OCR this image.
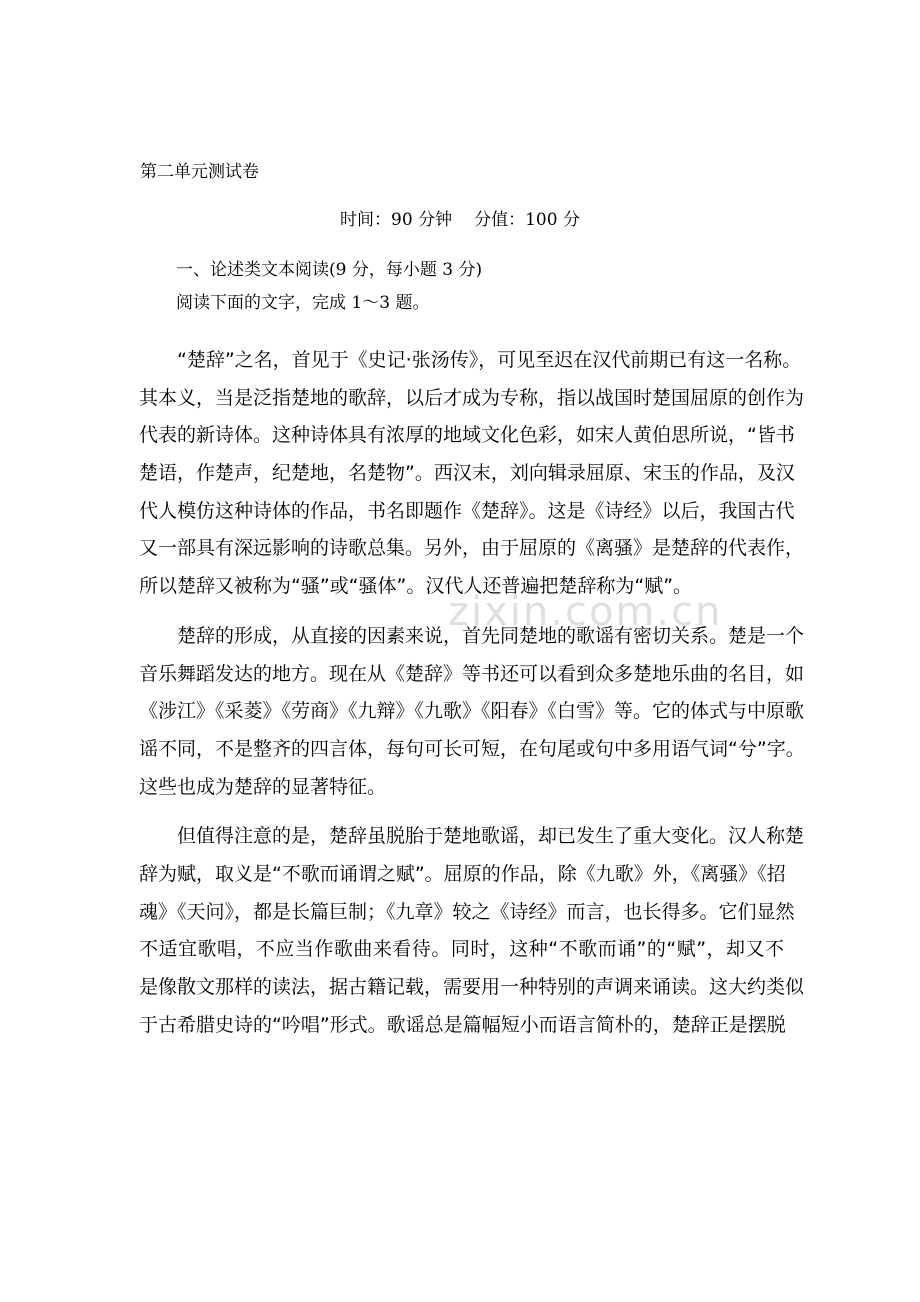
zixin.com.cn
第二单元测试卷
时间：90 分钟 分值：100 分
一、论述类文本阅读(9 分，每小题 3 分)
阅读下面的文字，完成 1～3 题。
“楚辞”之名，首见于《史记·张汤传》，可见至迟在汉代前期已有这一名称。
其本义，当是泛指楚地的歌辞，以后才成为专称，指以战国时楚国屈原的创作为
代表的新诗体。这种诗体具有浓厚的地域文化色彩，如宋人黄伯思所说，“皆书
楚语，作楚声，纪楚地，名楚物”。西汉末，刘向辑录屈原、宋玉的作品，及汉
代人模仿这种诗体的作品，书名即题作《楚辞》。这是《诗经》以后，我国古代
又一部具有深远影响的诗歌总集。另外，由于屈原的《离骚》是楚辞的代表作，
所以楚辞又被称为“骚”或“骚体”。汉代人还普遍把楚辞称为“赋”。
楚辞的形成，从直接的因素来说，首先同楚地的歌谣有密切关系。楚是一个
音乐舞蹈发达的地方。现在从《楚辞》等书还可以看到众多楚地乐曲的名目，如
《涉江》《采菱》《劳商》《九辩》《九歌》《阳春》《白雪》等。它的体式与中原歌
谣不同，不是整齐的四言体，每句可长可短，在句尾或句中多用语气词“兮”字。
这些也成为楚辞的显著特征。
但值得注意的是，楚辞虽脱胎于楚地歌谣，却已发生了重大变化。汉人称楚
辞为赋，取义是“不歌而诵谓之赋”。屈原的作品，除《九歌》外，《离骚》《招
魂》《天问》，都是长篇巨制；《九章》较之《诗经》而言，也长得多。它们显然
不适宜歌唱，不应当作歌曲来看待。同时，这种“不歌而诵”的“赋”，却又不
是像散文那样的读法，据古籍记载，需要用一种特别的声调来诵读。这大约类似
于古希腊史诗的“吟唱”形式。歌谣总是篇幅短小而语言简朴的，楚辞正是摆脱
